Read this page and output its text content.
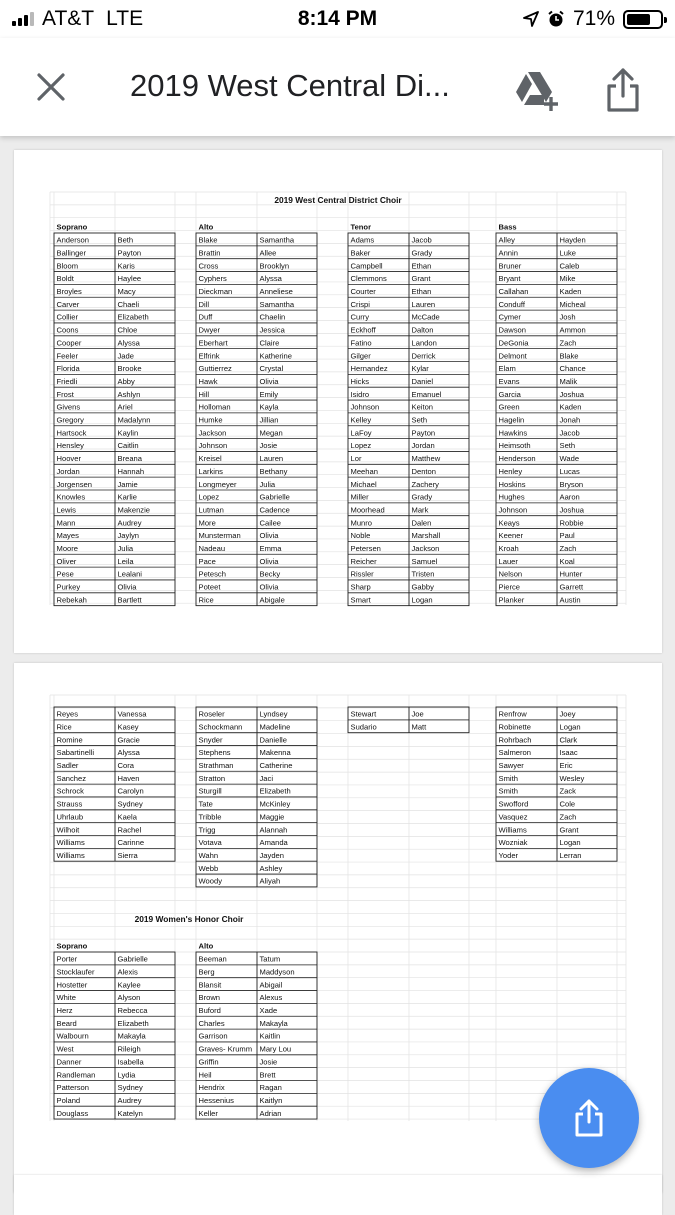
AT&T LTE	8:14 PM	71%
2019 West Central Di...
2019 West Central District Choir
Soprano
Anderson	Beth
Ballinger	Payton
Bloom	Karis
Boldt	Haylee
Broyles	Macy
Carver	Chaeli
Collier	Elizabeth
Coons	Chloe
Cooper	Alyssa
Feeler	Jade
Florida	Brooke
Friedli	Abby
Frost	Ashlyn
Givens	Ariel
Gregory	Madalynn
Hartsock	Kaylin
Hensley	Caitlin
Hoover	Breana
Jordan	Hannah
Jorgensen	Jamie
Knowles	Karlie
Lewis	Makenzie
Mann	Audrey
Mayes	Jaylyn
Moore	Julia
Oliver	Leila
Pese	Lealani
Purkey	Olivia
Rebekah	Bartlett
Alto
Blake	Samantha
Brattin	Allee
Cross	Brooklyn
Cyphers	Alyssa
Dieckman	Anneliese
Dill	Samantha
Duff	Chaelin
Dwyer	Jessica
Eberhart	Claire
Elfrink	Katherine
Guttierrez	Crystal
Hawk	Olivia
Hill	Emily
Holloman	Kayla
Humke	Jillian
Jackson	Megan
Johnson	Josie
Kreisel	Lauren
Larkins	Bethany
Longmeyer	Julia
Lopez	Gabrielle
Lutman	Cadence
More	Cailee
Munsterman Olivia
Nadeau	Emma
Pace	Olivia
Petesch	Becky
Poteet	Olivia
Rice	Abigale
Tenor
Adams	Jacob
Baker	Grady
Campbell	Ethan
Clemmons	Grant
Courter	Ethan
Crispi	Lauren
Curry	McCade
Eckhoff	Dalton
Fatino	Landon
Gilger	Derrick
Hernandez	Kylar
Hicks	Daniel
Isidro	Emanuel
Johnson	Keiton
Kelley	Seth
LaFoy	Payton
Lopez	Jordan
Lor	Matthew
Meehan	Denton
Michael	Zachery
Miller	Grady
Moorhead	Mark
Munro	Dalen
Noble	Marshall
Petersen	Jackson
Reicher	Samuel
Rissler	Tristen
Sharp	Gabby
Smart	Logan
Bass
Alley	Hayden
Annin	Luke
Bruner	Caleb
Bryant	Mike
Callahan	Kaden
Conduff	Micheal
Cymer	Josh
Dawson	Ammon
DeGonia	Zach
Delmont	Blake
Elam	Chance
Evans	Malik
Garcia	Joshua
Green	Kaden
Hagelin	Jonah
Hawkins	Jacob
Heimsoth	Seth
Henderson	Wade
Henley	Lucas
Hoskins	Bryson
Hughes	Aaron
Johnson	Joshua
Keays	Robbie
Keener	Paul
Kroah	Zach
Lauer	Koal
Nelson	Hunter
Pierce	Garrett
Planker	Austin
Reyes	Vanessa
Rice	Kasey
Romine	Gracie
Sabartinelli	Alyssa
Sadler	Cora
Sanchez	Haven
Schrock	Carolyn
Strauss	Sydney
Uhrlaub	Kaela
Wilhoit	Rachel
Williams	Carinne
Williams	Sierra
Roseler	Lyndsey
Schockmann Madeline
Snyder	Danielle
Stephens	Makenna
Strathman	Catherine
Stratton	Jaci
Sturgill	Elizabeth
Tate	McKinley
Tribble	Maggie
Trigg	Alannah
Votava	Amanda
Wahn	Jayden
Webb	Ashley
Woody	Aliyah
Stewart	Joe
Sudario	Matt
Renfrow	Joey
Robinette	Logan
Rohrbach	Clark
Salmeron	Isaac
Sawyer	Eric
Smith	Wesley
Smith	Zack
Swofford	Cole
Vasquez	Zach
Williams	Grant
Wozniak	Logan
Yoder	Lerran
2019 Women's Honor Choir
Soprano
Porter	Gabrielle
Stocklaufer	Alexis
Hostetter	Kaylee
White	Alyson
Herz	Rebecca
Beard	Elizabeth
Walbourn	Makayla
West	Rileigh
Danner	Isabella
Randleman	Lydia
Patterson	Sydney
Poland	Audrey
Douglass	Katelyn
Alto
Beeman	Tatum
Berg	Maddyson
Blansit	Abigail
Brown	Alexus
Buford	Xade
Charles	Makayla
Garrison	Kaitlin
Graves- Krumm Mary Lou
Griffin	Josie
Heil	Brett
Hendrix	Ragan
Hessenius	Kaitlyn
Keller	Adrian
